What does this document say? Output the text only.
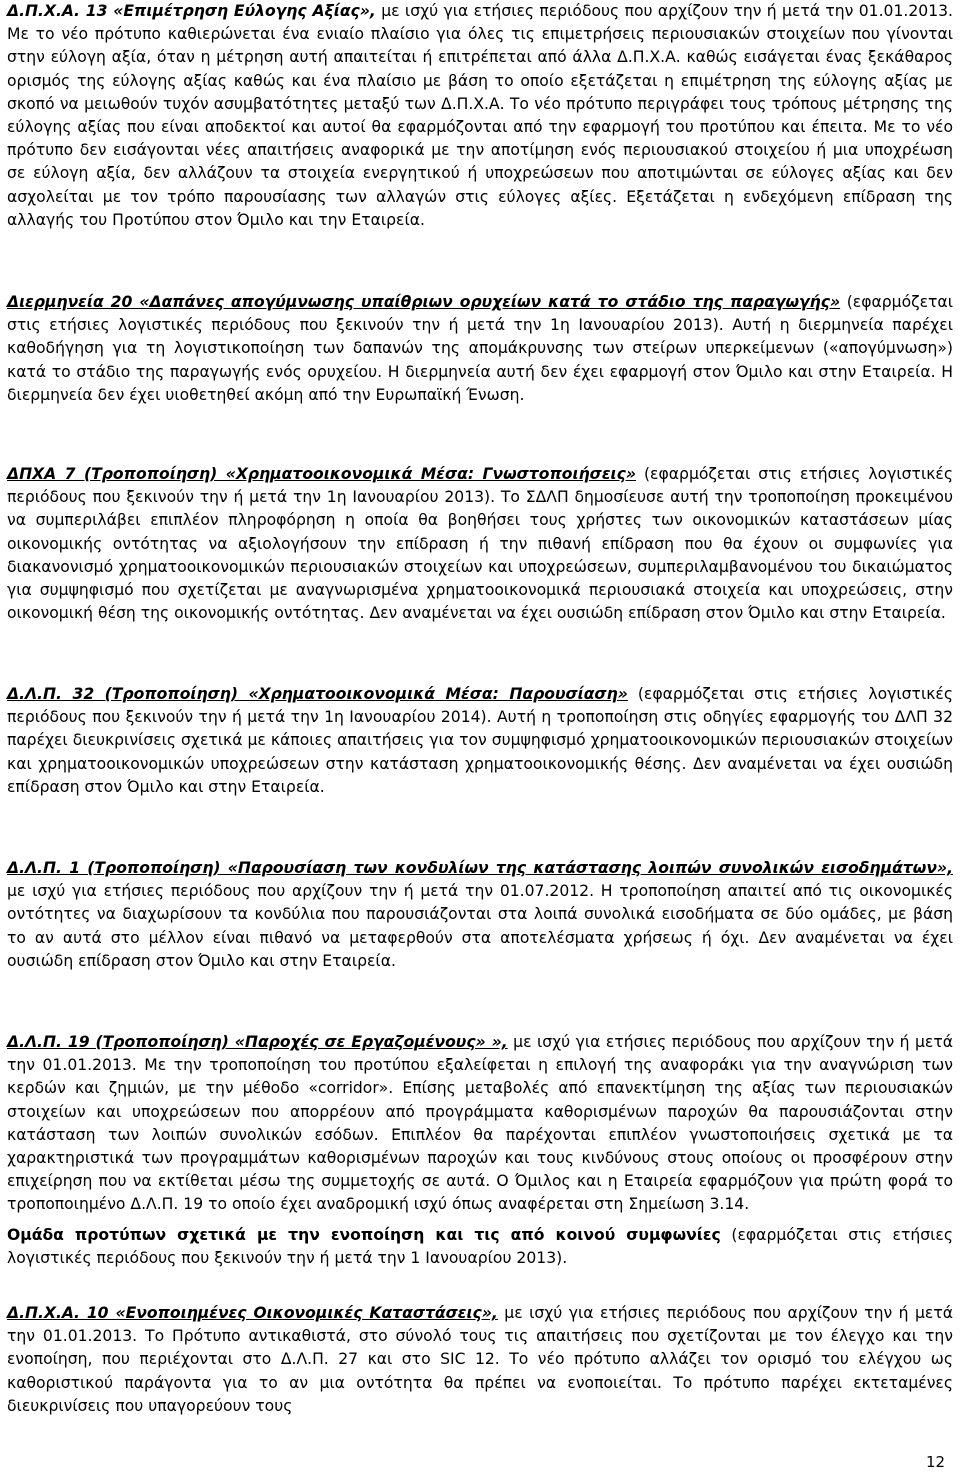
Δ.Π.Χ.Α. 13 «Επιμέτρηση Εύλογης Αξίας», με ισχύ για ετήσιες περιόδους που αρχίζουν την ή μετά την 01.01.2013. Με το νέο πρότυπο καθιερώνεται ένα ενιαίο πλαίσιο για όλες τις επιμετρήσεις περιουσιακών στοιχείων που γίνονται στην εύλογη αξία, όταν η μέτρηση αυτή απαιτείται ή επιτρέπεται από άλλα Δ.Π.Χ.Α. καθώς εισάγεται ένας ξεκάθαρος ορισμός της εύλογης αξίας καθώς και ένα πλαίσιο με βάση το οποίο εξετάζεται η επιμέτρηση της εύλογης αξίας με σκοπό να μειωθούν τυχόν ασυμβατότητες μεταξύ των Δ.Π.Χ.Α. Το νέο πρότυπο περιγράφει τους τρόπους μέτρησης της εύλογης αξίας που είναι αποδεκτοί και αυτοί θα εφαρμόζονται από την εφαρμογή του προτύπου και έπειτα. Με το νέο πρότυπο δεν εισάγονται νέες απαιτήσεις αναφορικά με την αποτίμηση ενός περιουσιακού στοιχείου ή μια υποχρέωση σε εύλογη αξία, δεν αλλάζουν τα στοιχεία ενεργητικού ή υποχρεώσεων που αποτιμώνται σε εύλογες αξίας και δεν ασχολείται με τον τρόπο παρουσίασης των αλλαγών στις εύλογες αξίες. Εξετάζεται η ενδεχόμενη επίδραση της αλλαγής του Προτύπου στον Όμιλο και την Εταιρεία.

Διερμηνεία 20 «Δαπάνες απογύμνωσης υπαίθριων ορυχείων κατά το στάδιο της παραγωγής» (εφαρμόζεται στις ετήσιες λογιστικές περιόδους που ξεκινούν την ή μετά την 1η Ιανουαρίου 2013). Αυτή η διερμηνεία παρέχει καθοδήγηση για τη λογιστικοποίηση των δαπανών της απομάκρυνσης των στείρων υπερκείμενων («απογύμνωση») κατά το στάδιο της παραγωγής ενός ορυχείου. Η διερμηνεία αυτή δεν έχει εφαρμογή στον Όμιλο και στην Εταιρεία. Η διερμηνεία δεν έχει υιοθετηθεί ακόμη από την Ευρωπαϊκή Ένωση.

ΔΠΧΑ 7 (Τροποποίηση) «Χρηματοοικονομικά Μέσα: Γνωστοποιήσεις» (εφαρμόζεται στις ετήσιες λογιστικές περιόδους που ξεκινούν την ή μετά την 1η Ιανουαρίου 2013). Το ΣΔΛΠ δημοσίευσε αυτή την τροποποίηση προκειμένου να συμπεριλάβει επιπλέον πληροφόρηση η οποία θα βοηθήσει τους χρήστες των οικονομικών καταστάσεων μίας οικονομικής οντότητας να αξιολογήσουν την επίδραση ή την πιθανή επίδραση που θα έχουν οι συμφωνίες για διακανονισμό χρηματοοικονομικών περιουσιακών στοιχείων και υποχρεώσεων, συμπεριλαμβανομένου του δικαιώματος για συμψηφισμό που σχετίζεται με αναγνωρισμένα χρηματοοικονομικά περιουσιακά στοιχεία και υποχρεώσεις, στην οικονομική θέση της οικονομικής οντότητας. Δεν αναμένεται να έχει ουσιώδη επίδραση στον Όμιλο και στην Εταιρεία.

Δ.Λ.Π. 32 (Τροποποίηση) «Χρηματοοικονομικά Μέσα: Παρουσίαση» (εφαρμόζεται στις ετήσιες λογιστικές περιόδους που ξεκινούν την ή μετά την 1η Ιανουαρίου 2014). Αυτή η τροποποίηση στις οδηγίες εφαρμογής του ΔΛΠ 32 παρέχει διευκρινίσεις σχετικά με κάποιες απαιτήσεις για τον συμψηφισμό χρηματοοικονομικών περιουσιακών στοιχείων και χρηματοοικονομικών υποχρεώσεων στην κατάσταση χρηματοοικονομικής θέσης. Δεν αναμένεται να έχει ουσιώδη επίδραση στον Όμιλο και στην Εταιρεία.

Δ.Λ.Π. 1 (Τροποποίηση) «Παρουσίαση των κονδυλίων της κατάστασης λοιπών συνολικών εισοδημάτων», με ισχύ για ετήσιες περιόδους που αρχίζουν την ή μετά την 01.07.2012. Η τροποποίηση απαιτεί από τις οικονομικές οντότητες να διαχωρίσουν τα κονδύλια που παρουσιάζονται στα λοιπά συνολικά εισοδήματα σε δύο ομάδες, με βάση το αν αυτά στο μέλλον είναι πιθανό να μεταφερθούν στα αποτελέσματα χρήσεως ή όχι. Δεν αναμένεται να έχει ουσιώδη επίδραση στον Όμιλο και στην Εταιρεία.

Δ.Λ.Π. 19 (Τροποποίηση) «Παροχές σε Εργαζομένους» », με ισχύ για ετήσιες περιόδους που αρχίζουν την ή μετά την 01.01.2013. Με την τροποποίηση του προτύπου εξαλείφεται η επιλογή της αναφοράκι για την αναγνώριση των κερδών και ζημιών, με την μέθοδο «corridor». Επίσης μεταβολές από επανεκτίμηση της αξίας των περιουσιακών στοιχείων και υποχρεώσεων που απορρέουν από προγράμματα καθορισμένων παροχών θα παρουσιάζονται στην κατάσταση των λοιπών συνολικών εσόδων. Επιπλέον θα παρέχονται επιπλέον γνωστοποιήσεις σχετικά με τα χαρακτηριστικά των προγραμμάτων καθορισμένων παροχών και τους κινδύνους στους οποίους οι προσφέρουν στην επιχείρηση που να εκτίθεται μέσω της συμμετοχής σε αυτά. Ο Όμιλος και η Εταιρεία εφαρμόζουν για πρώτη φορά το τροποποιημένο Δ.Λ.Π. 19 το οποίο έχει αναδρομική ισχύ όπως αναφέρεται στη Σημείωση 3.14.

Ομάδα προτύπων σχετικά με την ενοποίηση και τις από κοινού συμφωνίες (εφαρμόζεται στις ετήσιες λογιστικές περιόδους που ξεκινούν την ή μετά την 1 Ιανουαρίου 2013).

Δ.Π.Χ.Α. 10 «Ενοποιημένες Οικονομικές Καταστάσεις», με ισχύ για ετήσιες περιόδους που αρχίζουν την ή μετά την 01.01.2013. Το Πρότυπο αντικαθιστά, στο σύνολό τους τις απαιτήσεις που σχετίζονται με τον έλεγχο και την ενοποίηση, που περιέχονται στο Δ.Λ.Π. 27 και στο SIC 12. Το νέο πρότυπο αλλάζει τον ορισμό του ελέγχου ως καθοριστικού παράγοντα για το αν μια οντότητα θα πρέπει να ενοποιείται. Το πρότυπο παρέχει εκτεταμένες διευκρινίσεις που υπαγορεύουν τους

12
